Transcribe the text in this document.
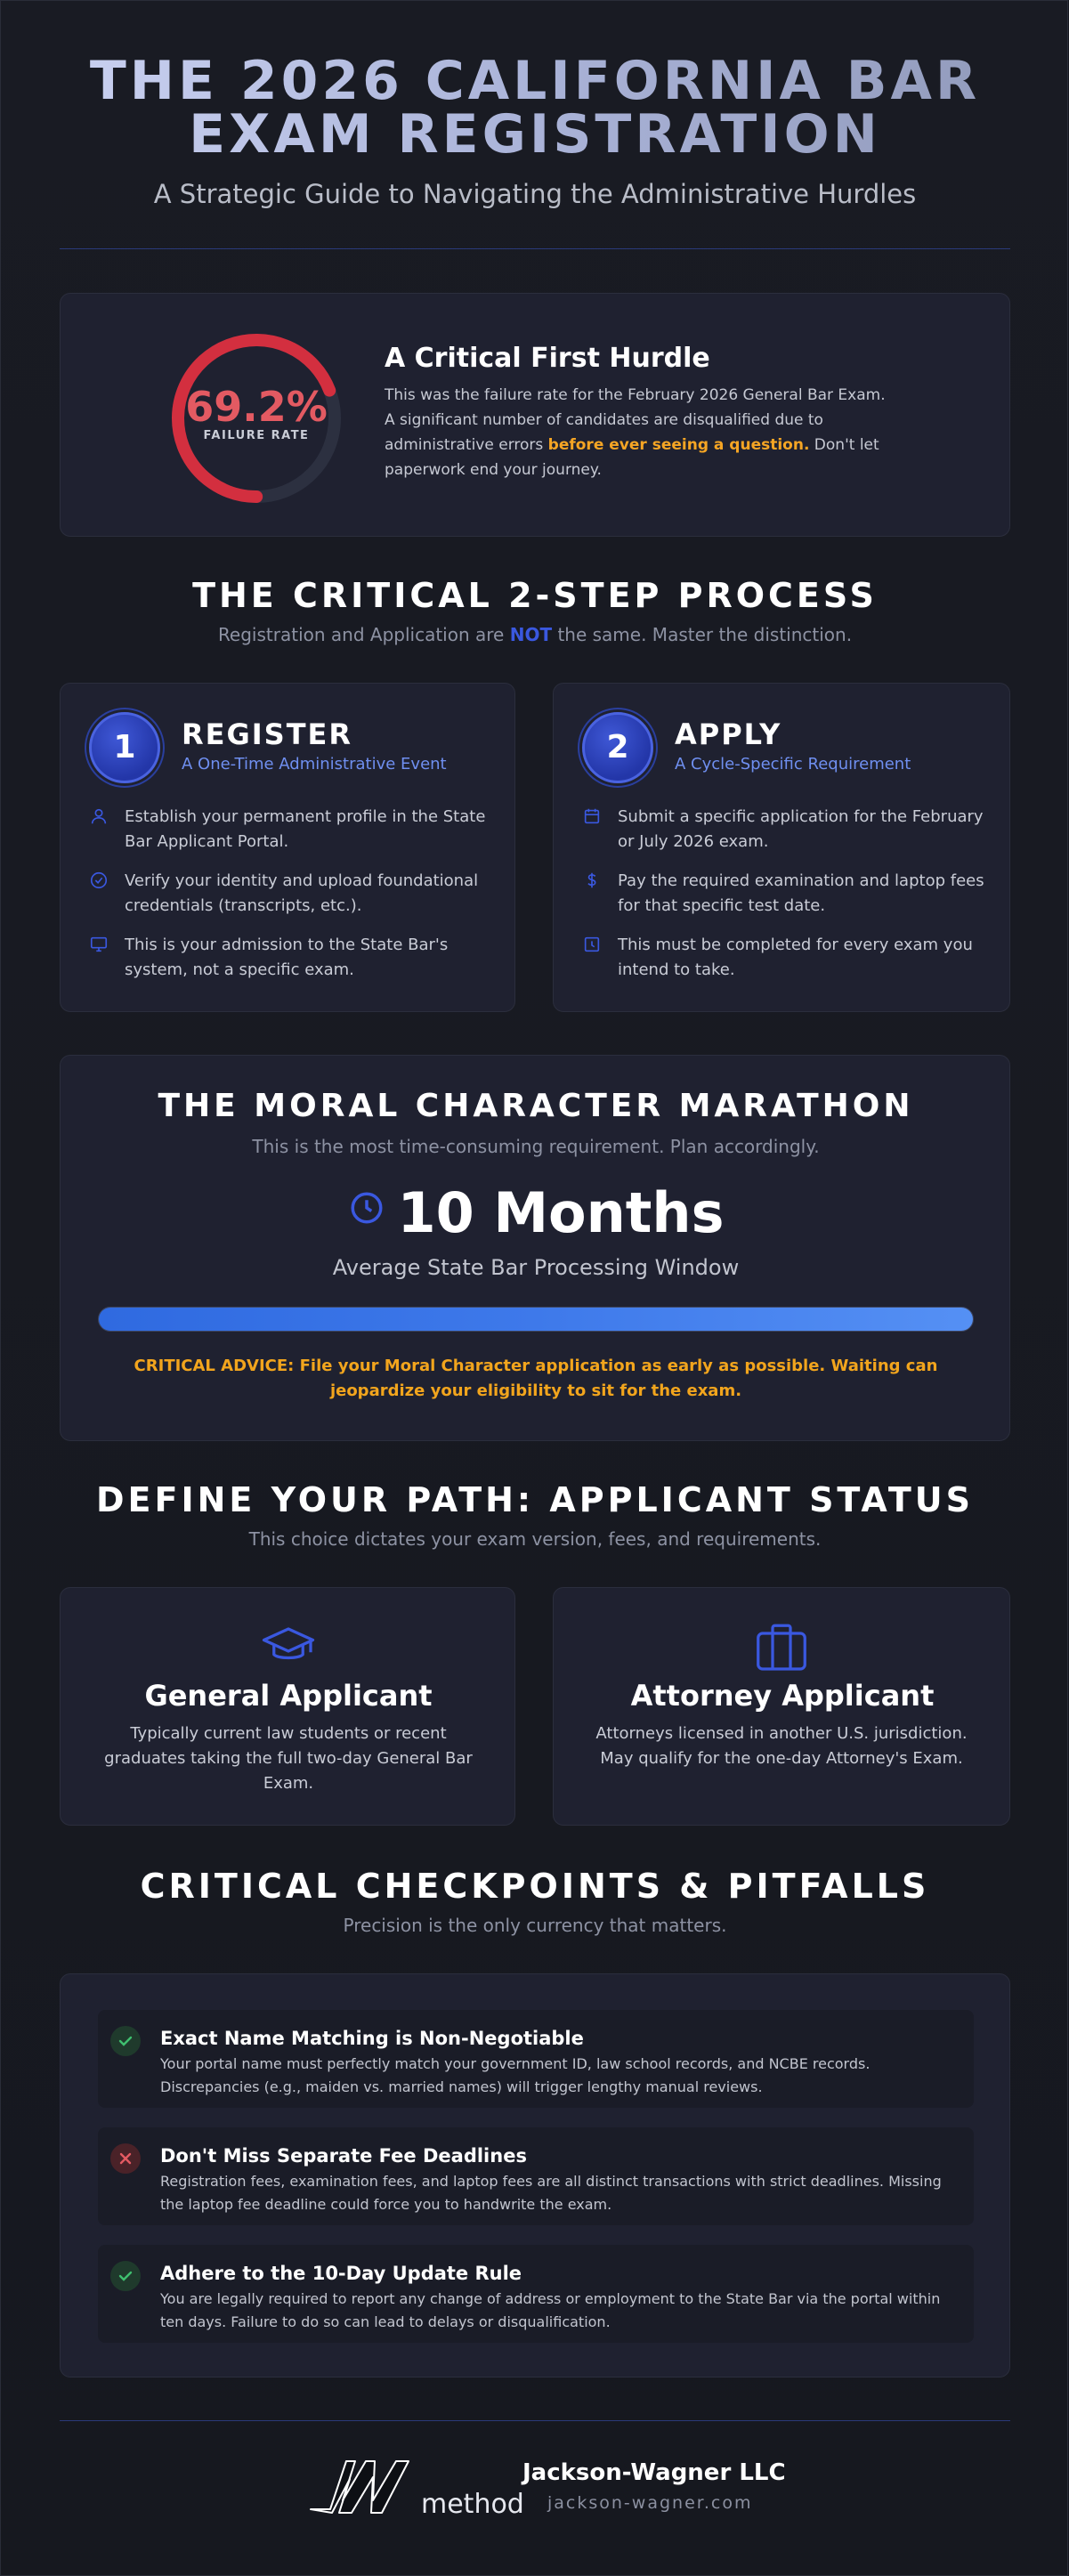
THE 2026 CALIFORNIA BAR
EXAM REGISTRATION
A Strategic Guide to Navigating the Administrative Hurdles
69.2%
FAILURE RATE
A Critical First Hurdle
This was the failure rate for the February 2026 General Bar Exam. A significant number of candidates are disqualified due to administrative errors before ever seeing a question. Don't let paperwork end your journey.
THE CRITICAL 2-STEP PROCESS
Registration and Application are NOT the same. Master the distinction.
1	REGISTER
A One-Time Administrative Event
Establish your permanent profile in the State Bar Applicant Portal.
Verify your identity and upload foundational credentials (transcripts, etc.).
This is your admission to the State Bar's system, not a specific exam.
2	APPLY
A Cycle-Specific Requirement
Submit a specific application for the February or July 2026 exam.
Pay the required examination and laptop fees for that specific test date.
This must be completed for every exam you intend to take.
THE MORAL CHARACTER MARATHON
This is the most time-consuming requirement. Plan accordingly.
10 Months
Average State Bar Processing Window
CRITICAL ADVICE: File your Moral Character application as early as possible. Waiting can jeopardize your eligibility to sit for the exam.
DEFINE YOUR PATH: APPLICANT STATUS
This choice dictates your exam version, fees, and requirements.
General Applicant
Typically current law students or recent graduates taking the full two-day General Bar Exam.
Attorney Applicant
Attorneys licensed in another U.S. jurisdiction. May qualify for the one-day Attorney's Exam.
CRITICAL CHECKPOINTS & PITFALLS
Precision is the only currency that matters.
Exact Name Matching is Non-Negotiable
Your portal name must perfectly match your government ID, law school records, and NCBE records. Discrepancies (e.g., maiden vs. married names) will trigger lengthy manual reviews.
Don't Miss Separate Fee Deadlines
Registration fees, examination fees, and laptop fees are all distinct transactions with strict deadlines. Missing the laptop fee deadline could force you to handwrite the exam.
Adhere to the 10-Day Update Rule
You are legally required to report any change of address or employment to the State Bar via the portal within ten days. Failure to do so can lead to delays or disqualification.
method
Jackson-Wagner LLC
jackson-wagner.com
